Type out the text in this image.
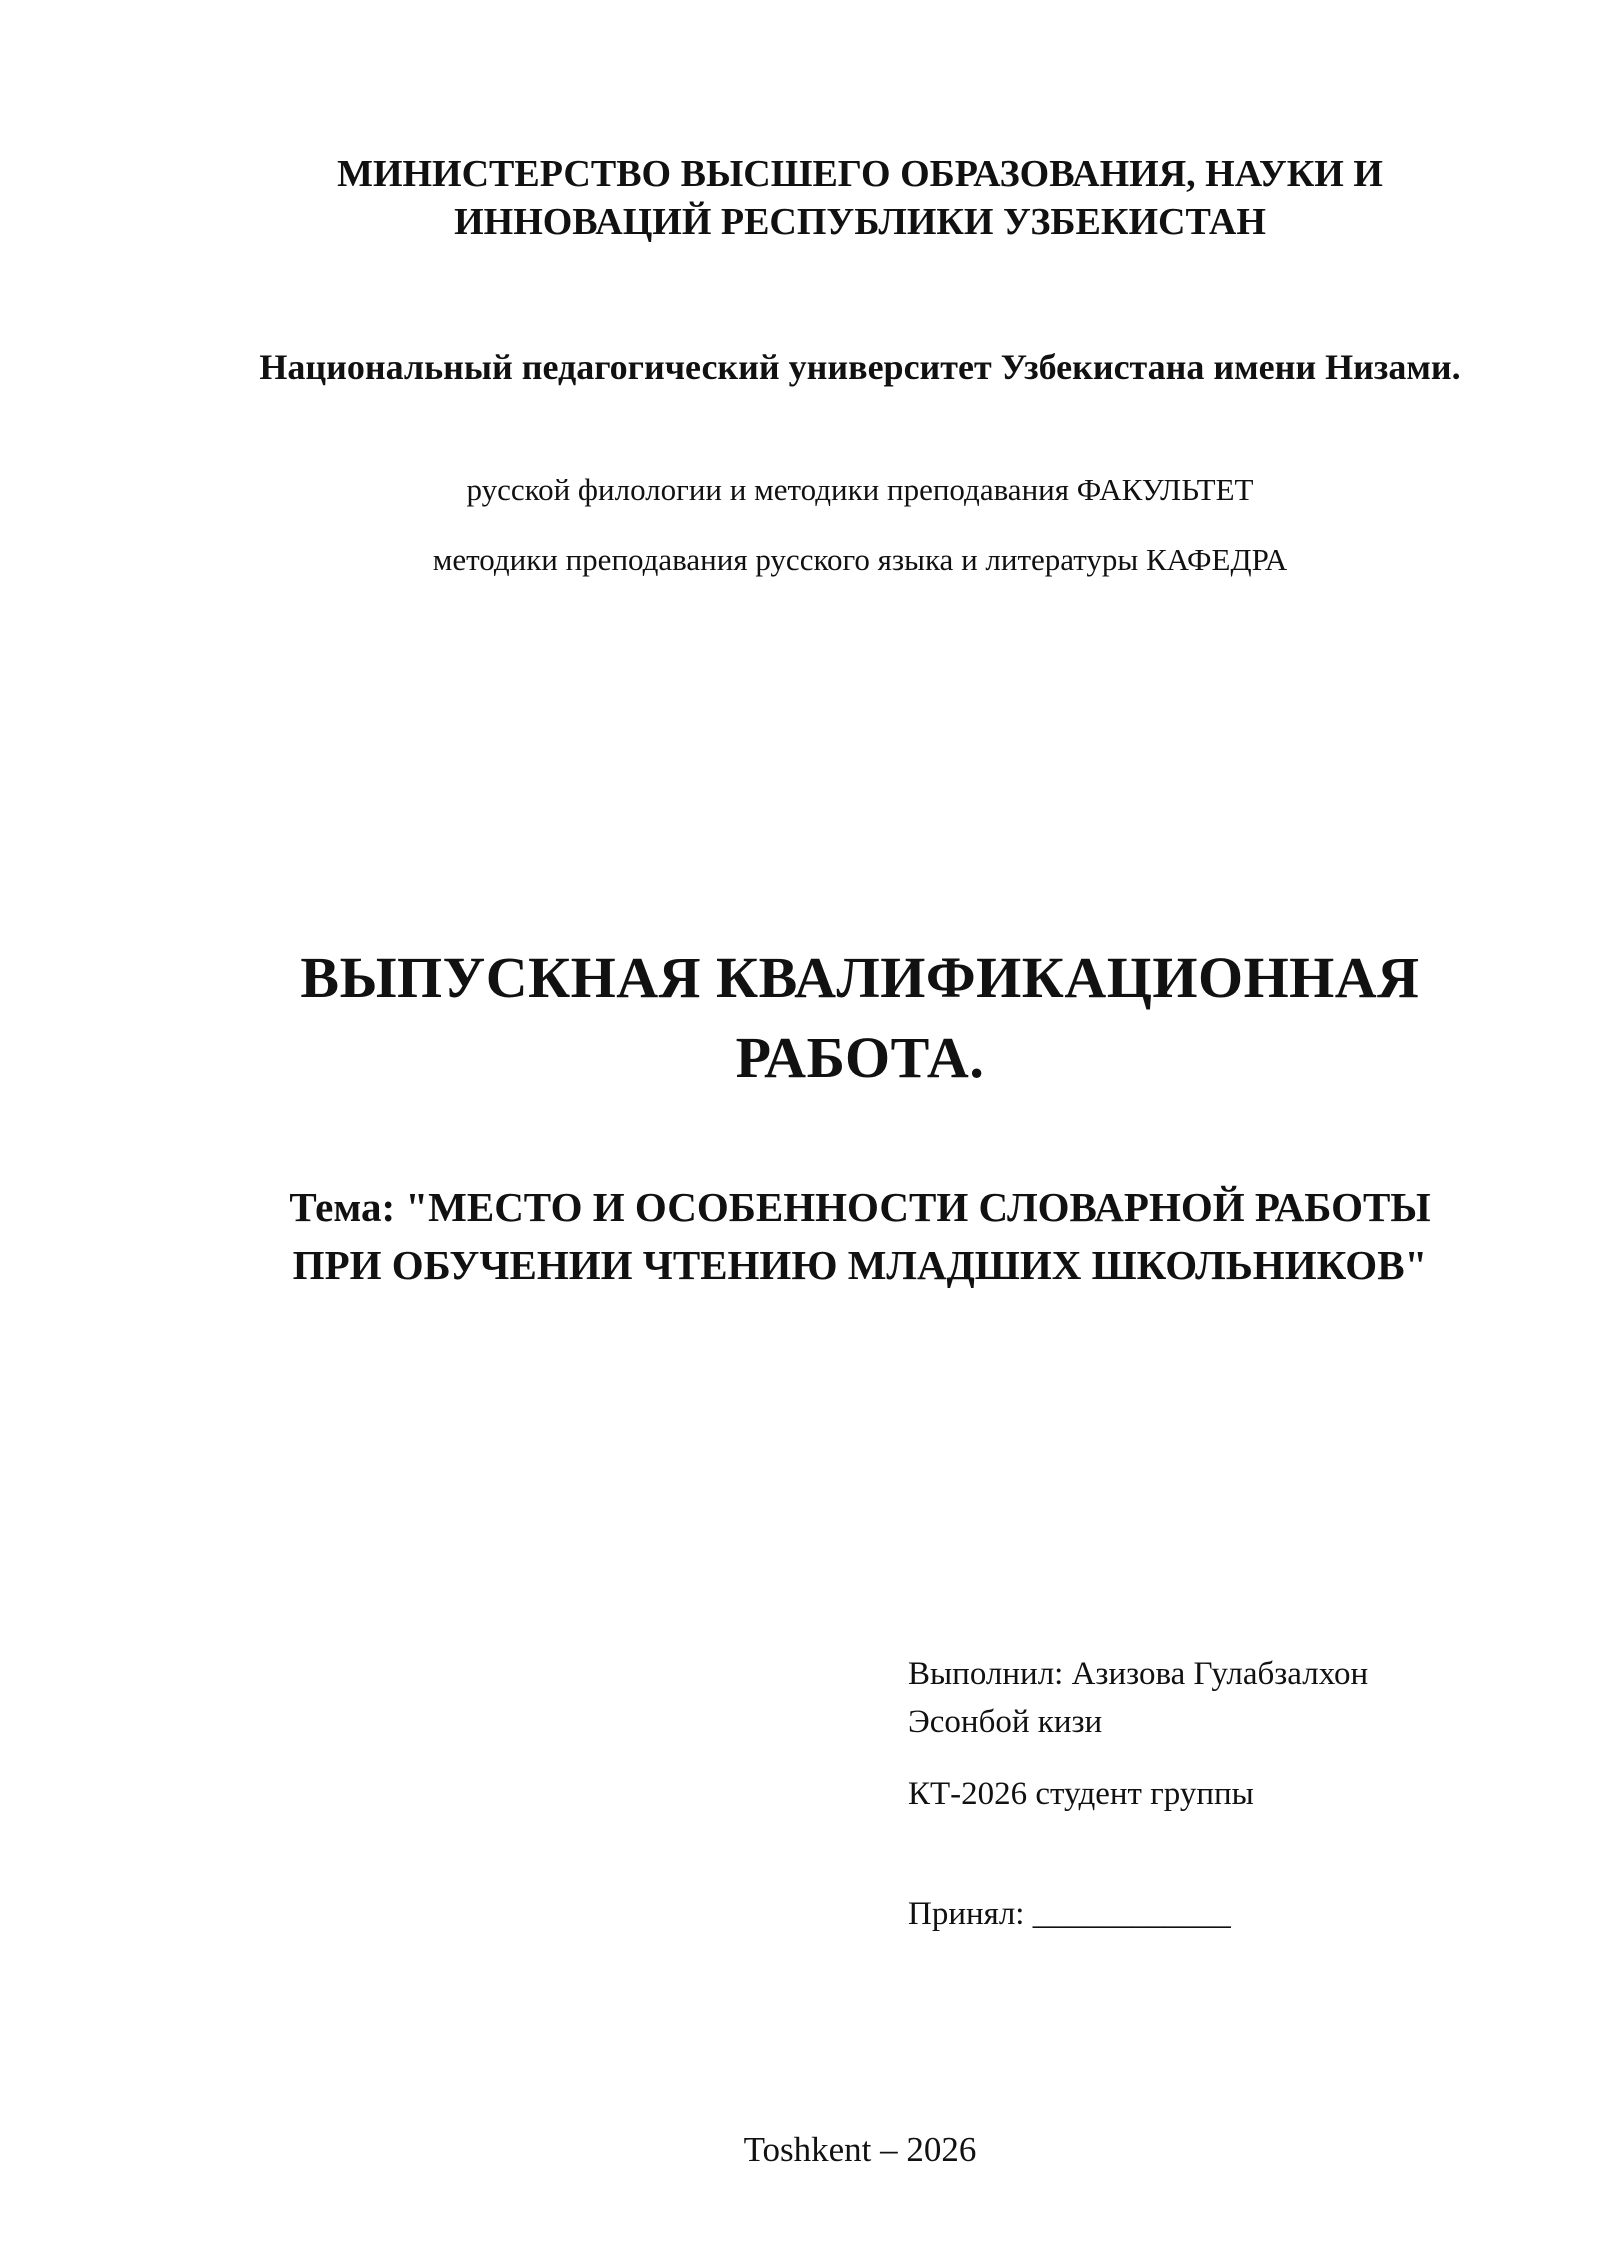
МИНИСТЕРСТВО ВЫСШЕГО ОБРАЗОВАНИЯ, НАУКИ И ИННОВАЦИЙ РЕСПУБЛИКИ УЗБЕКИСТАН

Национальный педагогический университет Узбекистана имени Низами.

русской филологии и методики преподавания ФАКУЛЬТЕТ

методики преподавания русского языка и литературы КАФЕДРА

ВЫПУСКНАЯ КВАЛИФИКАЦИОННАЯ РАБОТА.
Тема: "МЕСТО И ОСОБЕННОСТИ СЛОВАРНОЙ РАБОТЫ ПРИ ОБУЧЕНИИ ЧТЕНИЮ МЛАДШИХ ШКОЛЬНИКОВ"

Выполнил: Азизова Гулабзалхон Эсонбой кизи

КТ-2026 студент группы

Принял: ____________

Toshkent – 2026
